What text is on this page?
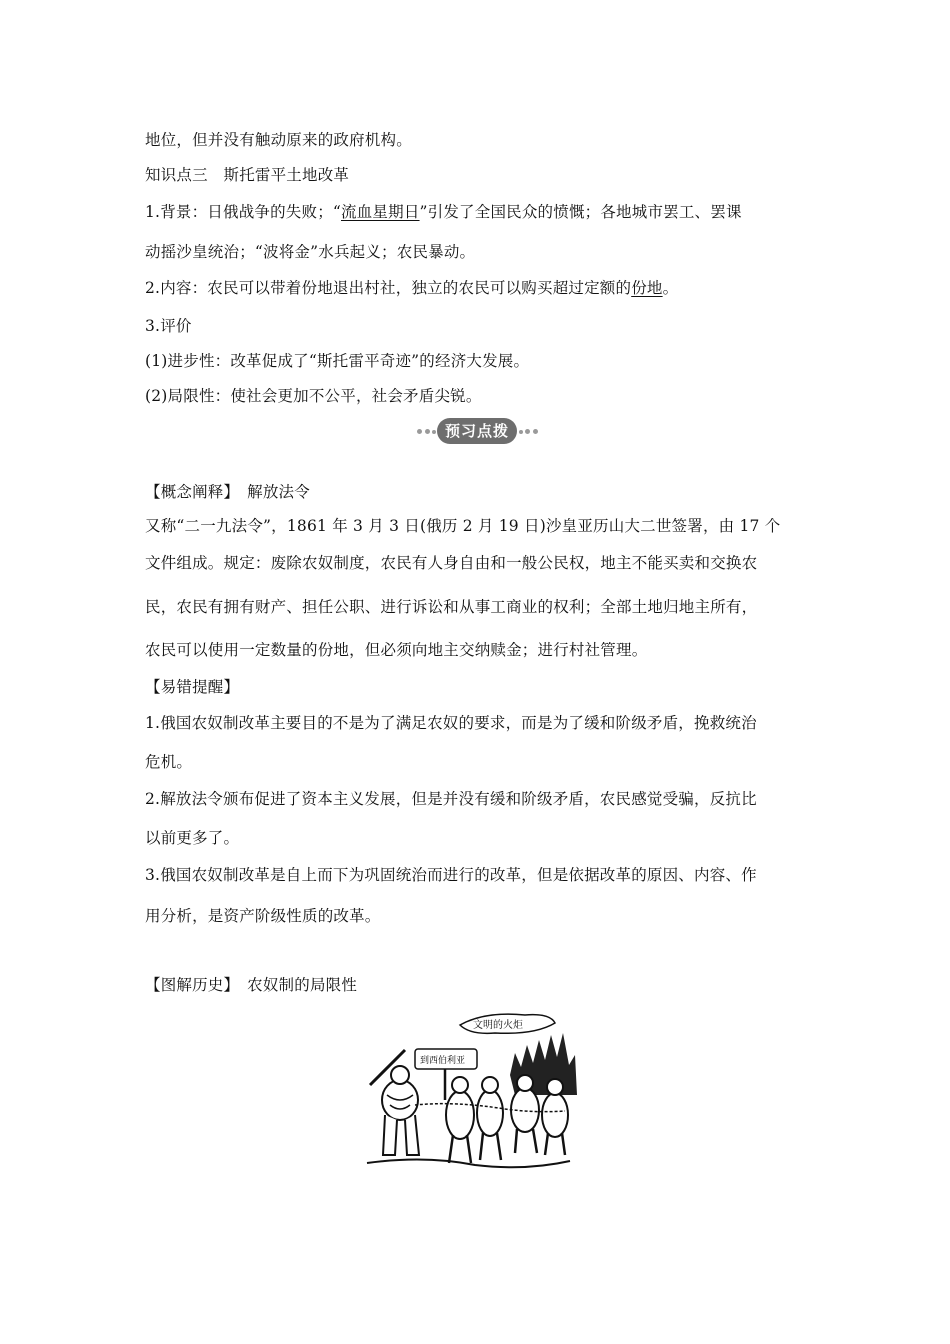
地位，但并没有触动原来的政府机构。
知识点三　斯托雷平土地改革
1.背景：日俄战争的失败；“流血星期日”引发了全国民众的愤慨；各地城市罢工、罢课
动摇沙皇统治；“波将金”水兵起义；农民暴动。
2.内容：农民可以带着份地退出村社，独立的农民可以购买超过定额的份地。
3.评价
(1)进步性：改革促成了“斯托雷平奇迹”的经济大发展。
(2)局限性：使社会更加不公平，社会矛盾尖锐。
预习点拨
【概念阐释】　解放法令
又称“二一九法令”，1861 年 3 月 3 日(俄历 2 月 19 日)沙皇亚历山大二世签署，由 17 个
文件组成。规定：废除农奴制度，农民有人身自由和一般公民权，地主不能买卖和交换农
民，农民有拥有财产、担任公职、进行诉讼和从事工商业的权利；全部土地归地主所有，
农民可以使用一定数量的份地，但必须向地主交纳赎金；进行村社管理。
【易错提醒】
1.俄国农奴制改革主要目的不是为了满足农奴的要求，而是为了缓和阶级矛盾，挽救统治
危机。
2.解放法令颁布促进了资本主义发展，但是并没有缓和阶级矛盾，农民感觉受骗，反抗比
以前更多了。
3.俄国农奴制改革是自上而下为巩固统治而进行的改革，但是依据改革的原因、内容、作
用分析，是资产阶级性质的改革。
【图解历史】　农奴制的局限性
文明的火炬
到西伯利亚
